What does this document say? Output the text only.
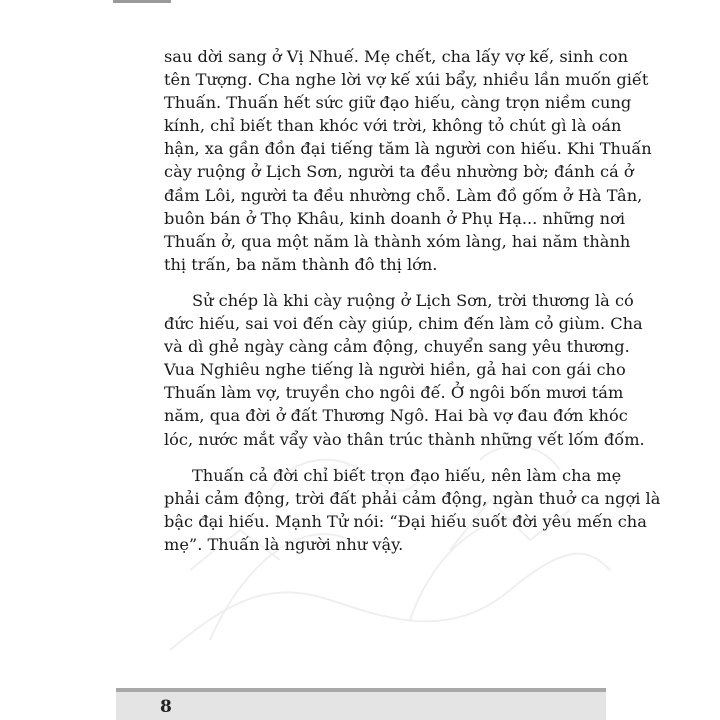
sau dời sang ở Vị Nhuế. Mẹ chết, cha lấy vợ kế, sinh con
tên Tượng. Cha nghe lời vợ kế xúi bẩy, nhiều lần muốn giết
Thuấn. Thuấn hết sức giữ đạo hiếu, càng trọn niềm cung
kính, chỉ biết than khóc với trời, không tỏ chút gì là oán
hận, xa gần đồn đại tiếng tăm là người con hiếu. Khi Thuấn
cày ruộng ở Lịch Sơn, người ta đều nhường bờ; đánh cá ở
đầm Lôi, người ta đều nhường chỗ. Làm đồ gốm ở Hà Tân,
buôn bán ở Thọ Khâu, kinh doanh ở Phụ Hạ... những nơi
Thuấn ở, qua một năm là thành xóm làng, hai năm thành
thị trấn, ba năm thành đô thị lớn.
Sử chép là khi cày ruộng ở Lịch Sơn, trời thương là có
đức hiếu, sai voi đến cày giúp, chim đến làm cỏ giùm. Cha
và dì ghẻ ngày càng cảm động, chuyển sang yêu thương.
Vua Nghiêu nghe tiếng là người hiền, gả hai con gái cho
Thuấn làm vợ, truyền cho ngôi đế. Ở ngôi bốn mươi tám
năm, qua đời ở đất Thương Ngô. Hai bà vợ đau đớn khóc
lóc, nước mắt vẩy vào thân trúc thành những vết lốm đốm.
Thuấn cả đời chỉ biết trọn đạo hiếu, nên làm cha mẹ
phải cảm động, trời đất phải cảm động, ngàn thuở ca ngợi là
bậc đại hiếu. Mạnh Tử nói: “Đại hiếu suốt đời yêu mến cha
mẹ”. Thuấn là người như vậy.
8
